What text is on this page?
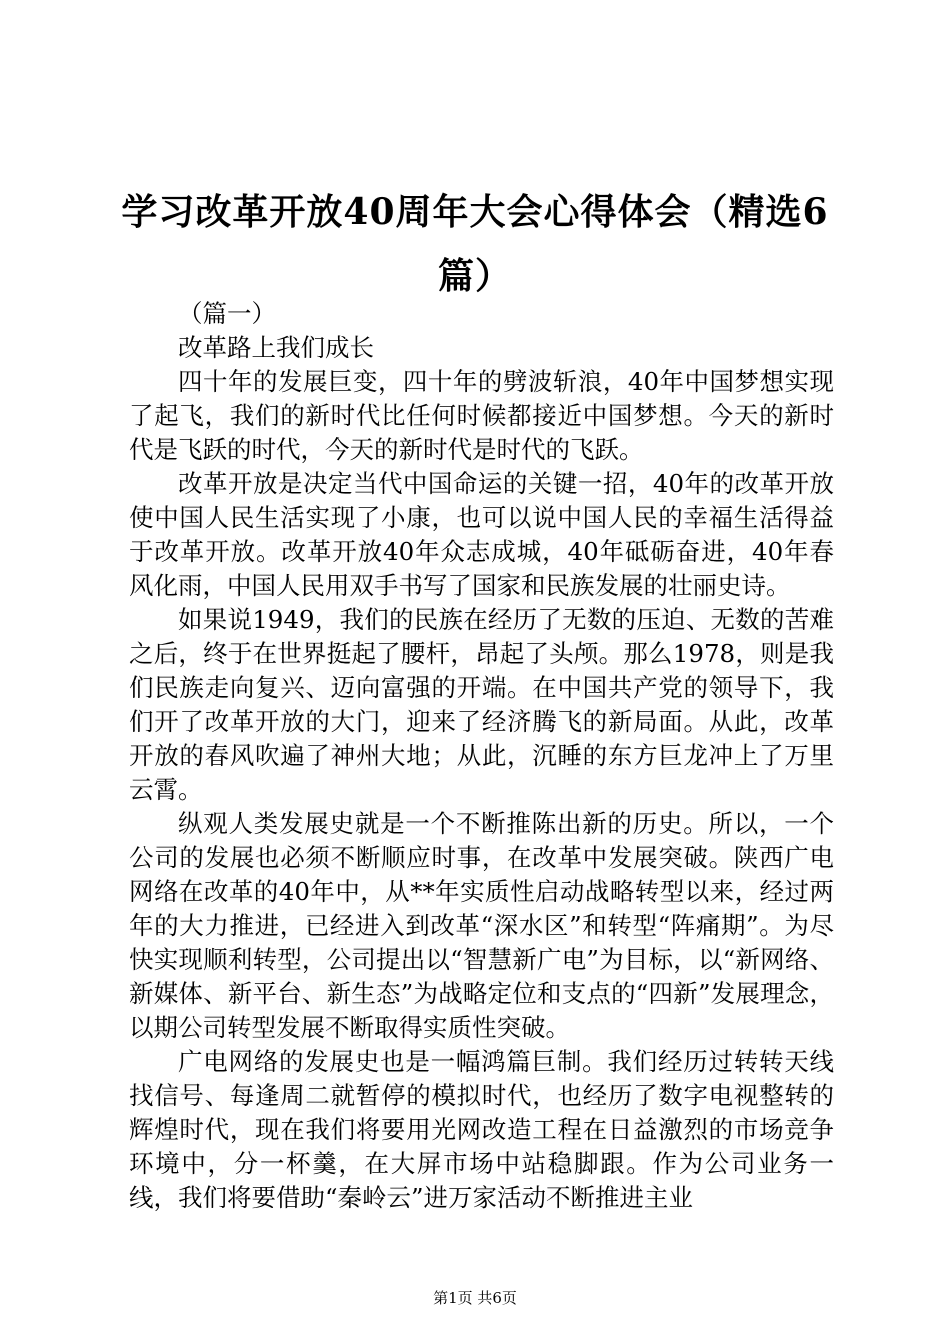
学习改革开放40周年大会心得体会（精选6篇）

（篇一）

改革路上我们成长

四十年的发展巨变，四十年的劈波斩浪，40年中国梦想实现了起飞，我们的新时代比任何时候都接近中国梦想。今天的新时代是飞跃的时代，今天的新时代是时代的飞跃。

改革开放是决定当代中国命运的关键一招，40年的改革开放使中国人民生活实现了小康，也可以说中国人民的幸福生活得益于改革开放。改革开放40年众志成城，40年砥砺奋进，40年春风化雨，中国人民用双手书写了国家和民族发展的壮丽史诗。

如果说1949，我们的民族在经历了无数的压迫、无数的苦难之后，终于在世界挺起了腰杆，昂起了头颅。那么1978，则是我们民族走向复兴、迈向富强的开端。在中国共产党的领导下，我们开了改革开放的大门，迎来了经济腾飞的新局面。从此，改革开放的春风吹遍了神州大地；从此，沉睡的东方巨龙冲上了万里云霄。

纵观人类发展史就是一个不断推陈出新的历史。所以，一个公司的发展也必须不断顺应时事，在改革中发展突破。陕西广电网络在改革的40年中，从**年实质性启动战略转型以来，经过两年的大力推进，已经进入到改革“深水区”和转型“阵痛期”。为尽快实现顺利转型，公司提出以“智慧新广电”为目标，以“新网络、新媒体、新平台、新生态”为战略定位和支点的“四新”发展理念，以期公司转型发展不断取得实质性突破。

广电网络的发展史也是一幅鸿篇巨制。我们经历过转转天线找信号、每逢周二就暂停的模拟时代，也经历了数字电视整转的辉煌时代，现在我们将要用光网改造工程在日益激烈的市场竞争环境中，分一杯羹，在大屏市场中站稳脚跟。作为公司业务一线，我们将要借助“秦岭云”进万家活动不断推进主业

第1页 共6页
